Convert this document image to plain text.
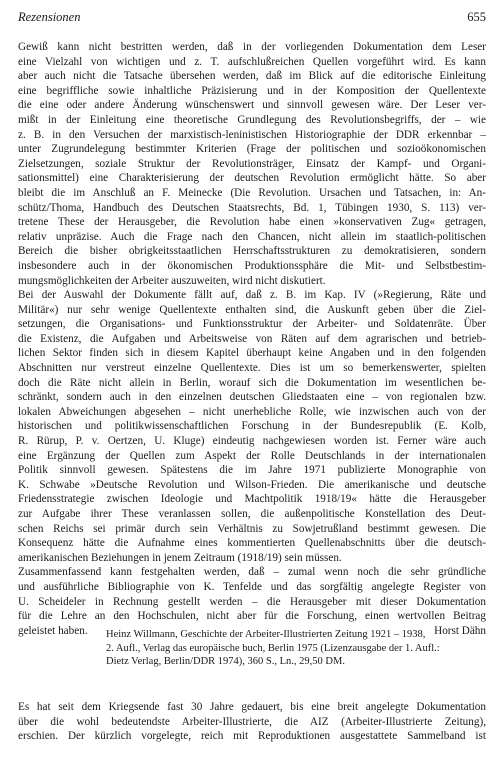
Rezensionen	655
Gewiß kann nicht bestritten werden, daß in der vorliegenden Dokumentation dem Leser
eine Vielzahl von wichtigen und z. T. aufschlußreichen Quellen vorgeführt wird. Es kann
aber auch nicht die Tatsache übersehen werden, daß im Blick auf die editorische Einleitung
eine begriffliche sowie inhaltliche Präzisierung und in der Komposition der Quellentexte
die eine oder andere Änderung wünschenswert und sinnvoll gewesen wäre. Der Leser ver-
mißt in der Einleitung eine theoretische Grundlegung des Revolutionsbegriffs, der – wie
z. B. in den Versuchen der marxistisch-leninistischen Historiographie der DDR erkennbar –
unter Zugrundelegung bestimmter Kriterien (Frage der politischen und sozioökonomischen
Zielsetzungen, soziale Struktur der Revolutionsträger, Einsatz der Kampf- und Organi-
sationsmittel) eine Charakterisierung der deutschen Revolution ermöglicht hätte. So aber
bleibt die im Anschluß an F. Meinecke (Die Revolution. Ursachen und Tatsachen, in: An-
schütz/Thoma, Handbuch des Deutschen Staatsrechts, Bd. 1, Tübingen 1930, S. 113) ver-
tretene These der Herausgeber, die Revolution habe einen »konservativen Zug« getragen,
relativ unpräzise. Auch die Frage nach den Chancen, nicht allein im staatlich-politischen
Bereich die bisher obrigkeitsstaatlichen Herrschaftsstrukturen zu demokratisieren, sondern
insbesondere auch in der ökonomischen Produktionssphäre die Mit- und Selbstbestim-
mungsmöglichkeiten der Arbeiter auszuweiten, wird nicht diskutiert.
Bei der Auswahl der Dokumente fällt auf, daß z. B. im Kap. IV (»Regierung, Räte und
Militär«) nur sehr wenige Quellentexte enthalten sind, die Auskunft geben über die Ziel-
setzungen, die Organisations- und Funktionsstruktur der Arbeiter- und Soldatenräte. Über
die Existenz, die Aufgaben und Arbeitsweise von Räten auf dem agrarischen und betrieb-
lichen Sektor finden sich in diesem Kapitel überhaupt keine Angaben und in den folgenden
Abschnitten nur verstreut einzelne Quellentexte. Dies ist um so bemerkenswerter, spielten
doch die Räte nicht allein in Berlin, worauf sich die Dokumentation im wesentlichen be-
schränkt, sondern auch in den einzelnen deutschen Gliedstaaten eine – von regionalen bzw.
lokalen Abweichungen abgesehen – nicht unerhebliche Rolle, wie inzwischen auch von der
historischen und politikwissenschaftlichen Forschung in der Bundesrepublik (E. Kolb,
R. Rürup, P. v. Oertzen, U. Kluge) eindeutig nachgewiesen worden ist. Ferner wäre auch
eine Ergänzung der Quellen zum Aspekt der Rolle Deutschlands in der internationalen
Politik sinnvoll gewesen. Spätestens die im Jahre 1971 publizierte Monographie von
K. Schwabe »Deutsche Revolution und Wilson-Frieden. Die amerikanische und deutsche
Friedensstrategie zwischen Ideologie und Machtpolitik 1918/19« hätte die Herausgeber
zur Aufgabe ihrer These veranlassen sollen, die außenpolitische Konstellation des Deut-
schen Reichs sei primär durch sein Verhältnis zu Sowjetrußland bestimmt gewesen. Die
Konsequenz hätte die Aufnahme eines kommentierten Quellenabschnitts über die deutsch-
amerikanischen Beziehungen in jenem Zeitraum (1918/19) sein müssen.
Zusammenfassend kann festgehalten werden, daß – zumal wenn noch die sehr gründliche
und ausführliche Bibliographie von K. Tenfelde und das sorgfältig angelegte Register von
U. Scheideler in Rechnung gestellt werden – die Herausgeber mit dieser Dokumentation
für die Lehre an den Hochschulen, nicht aber für die Forschung, einen wertvollen Beitrag
geleistet haben.	Horst Dähn
Heinz Willmann, Geschichte der Arbeiter-Illustrierten Zeitung 1921 – 1938,
2. Aufl., Verlag das europäische buch, Berlin 1975 (Lizenzausgabe der 1. Aufl.:
Dietz Verlag, Berlin/DDR 1974), 360 S., Ln., 29,50 DM.
Es hat seit dem Kriegsende fast 30 Jahre gedauert, bis eine breit angelegte Dokumentation
über die wohl bedeutendste Arbeiter-Illustrierte, die AIZ (Arbeiter-Illustrierte Zeitung),
erschien. Der kürzlich vorgelegte, reich mit Reproduktionen ausgestattete Sammelband ist
